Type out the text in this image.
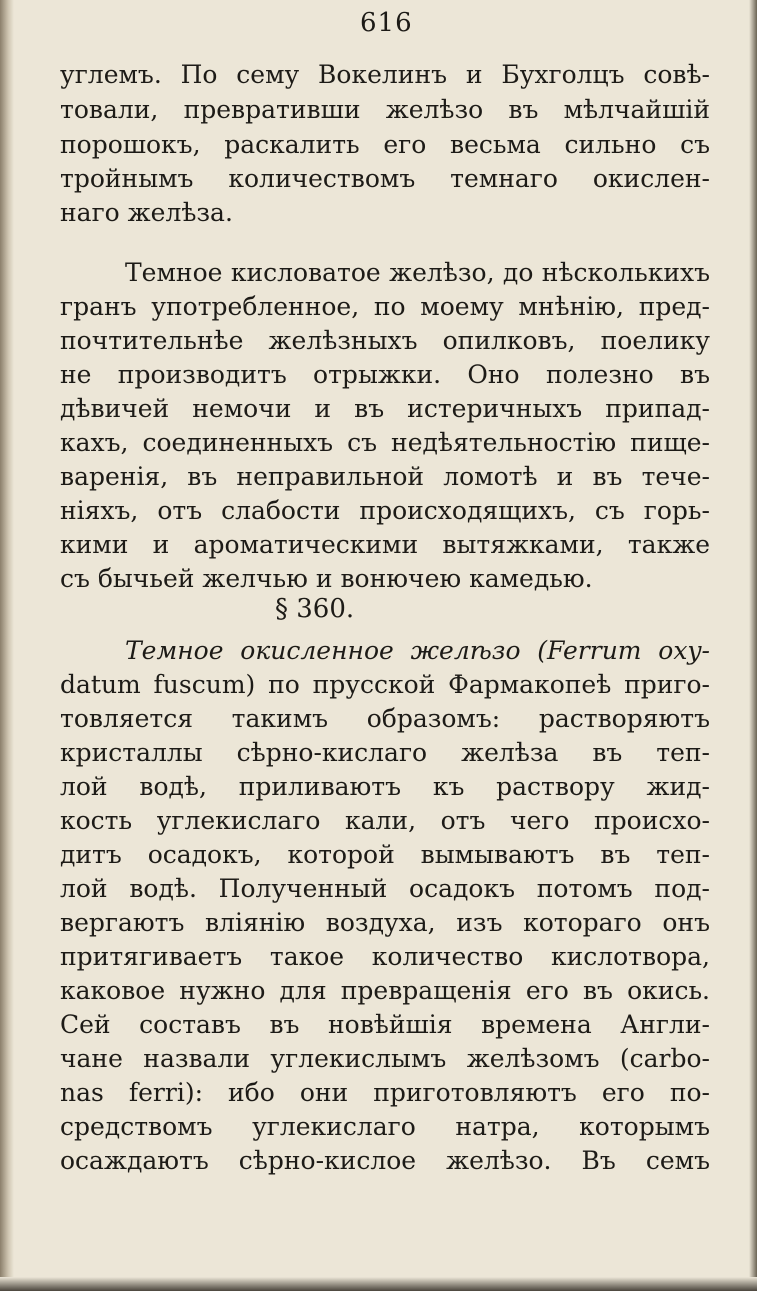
616
углемъ. По сему Вокелинъ и Бухголцъ совѣ-
товали, превративши желѣзо въ мѣлчайшій
порошокъ, раскалить его весьма сильно съ
тройнымъ количествомъ темнаго окислен-
наго желѣза.
Темное кисловатое желѣзо, до нѣсколькихъ
гранъ употребленное, по моему мнѣнію, пред-
почтительнѣе желѣзныхъ опилковъ, поелику
не производитъ отрыжки. Оно полезно въ
дѣвичей немочи и въ истеричныхъ припад-
кахъ, соединенныхъ съ недѣятельностію пище-
варенія, въ неправильной ломотѣ и въ тече-
ніяхъ, отъ слабости происходящихъ, съ горь-
кими и ароматическими вытяжками, также
съ бычьей желчью и вонючею камедью.
§ 360.
Темное окисленное желѣзо (Ferrum oxy-
datum fuscum) по прусской Фармакопеѣ приго-
товляется такимъ образомъ: растворяютъ
кристаллы сѣрно-кислаго желѣза въ теп-
лой водѣ, приливаютъ къ раствору жид-
кость углекислаго кали, отъ чего происхо-
дитъ осадокъ, которой вымываютъ въ теп-
лой водѣ. Полученный осадокъ потомъ под-
вергаютъ вліянію воздуха, изъ котораго онъ
притягиваетъ такое количество кислотвора,
каковое нужно для превращенія его въ окись.
Сей составъ въ новѣйшія времена Англи-
чане назвали углекислымъ желѣзомъ (carbo-
nas ferri): ибо они приготовляютъ его по-
средствомъ углекислаго натра, которымъ
осаждаютъ сѣрно-кислое желѣзо. Въ семъ
